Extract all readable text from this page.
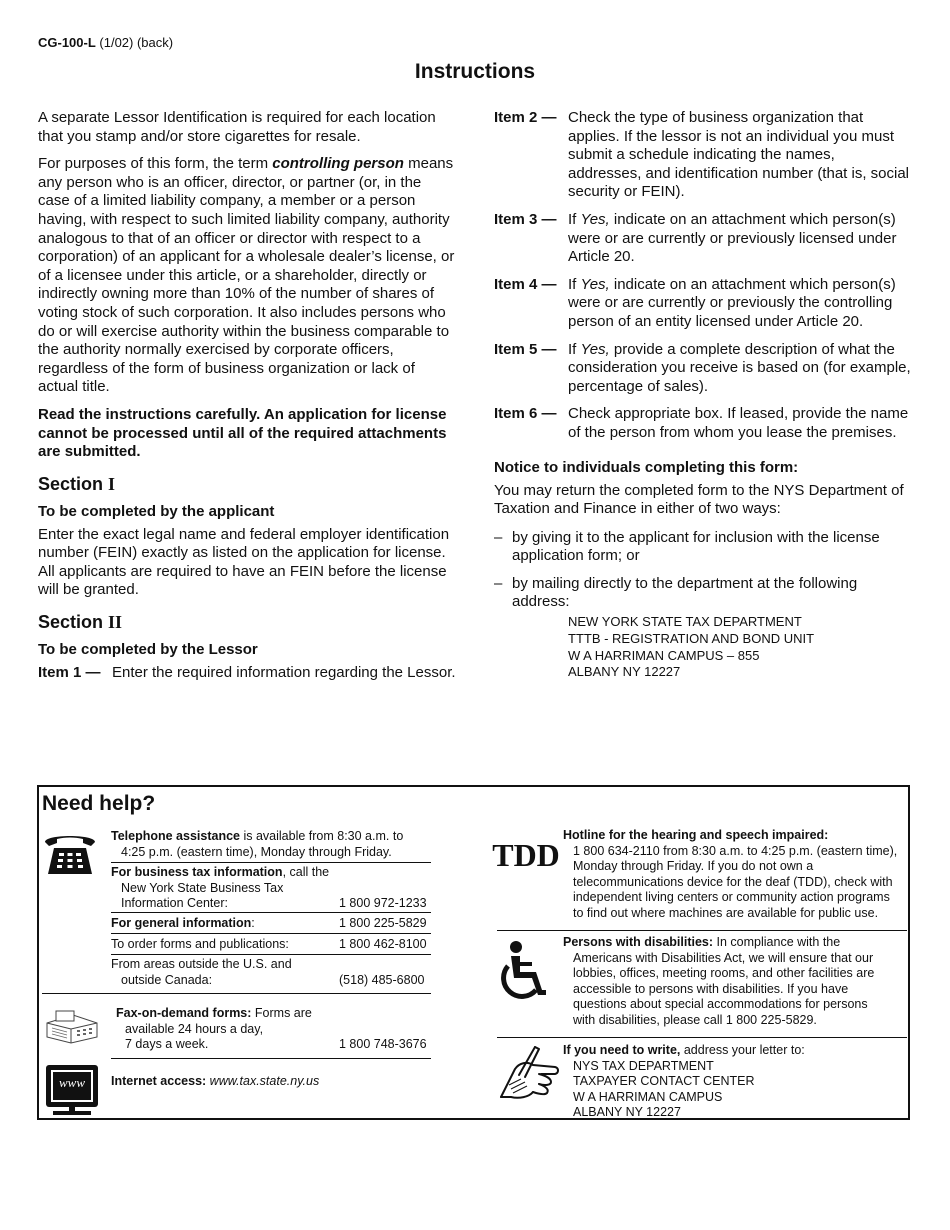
CG-100-L (1/02) (back)
Instructions

A separate Lessor Identification is required for each location that you stamp and/or store cigarettes for resale.

For purposes of this form, the term controlling person means any person who is an officer, director, or partner (or, in the case of a limited liability company, a member or a person having, with respect to such limited liability company, authority analogous to that of an officer or director with respect to a corporation) of an applicant for a wholesale dealer’s license, or of a licensee under this article, or a shareholder, directly or indirectly owning more than 10% of the number of shares of voting stock of such corporation. It also includes persons who do or will exercise authority within the business comparable to the authority normally exercised by corporate officers, regardless of the form of business organization or lack of actual title.

Read the instructions carefully. An application for license cannot be processed until all of the required attachments are submitted.

Section I
To be completed by the applicant

Enter the exact legal name and federal employer identification number (FEIN) exactly as listed on the application for license. All applicants are required to have an FEIN before the license will be granted.

Section II
To be completed by the Lessor
Item 1 — Enter the required information regarding the Lessor.
Item 2 — Check the type of business organization that applies. If the lessor is not an individual you must submit a schedule indicating the names, addresses, and identification number (that is, social security or FEIN).
Item 3 — If Yes, indicate on an attachment which person(s) were or are currently or previously licensed under Article 20.
Item 4 — If Yes, indicate on an attachment which person(s) were or are currently or previously the controlling person of an entity licensed under Article 20.
Item 5 — If Yes, provide a complete description of what the consideration you receive is based on (for example, percentage of sales).
Item 6 — Check appropriate box. If leased, provide the name of the person from whom you lease the premises.
Notice to individuals completing this form:

You may return the completed form to the NYS Department of Taxation and Finance in either of two ways:

– by giving it to the applicant for inclusion with the license application form; or
– by mailing directly to the department at the following address:
NEW YORK STATE TAX DEPARTMENT
TTTB - REGISTRATION AND BOND UNIT
W A HARRIMAN CAMPUS – 855
ALBANY NY 12227
Need help?
Telephone assistance is available from 8:30 a.m. to
4:25 p.m. (eastern time), Monday through Friday.
For business tax information, call the
New York State Business Tax
Information Center:	1 800 972-1233
For general information:	1 800 225-5829
To order forms and publications:	1 800 462-8100
From areas outside the U.S. and
outside Canada:	(518) 485-6800
Fax-on-demand forms: Forms are
available 24 hours a day,
7 days a week.	1 800 748-3676
www	Internet access: www.tax.state.ny.us
TDD
Hotline for the hearing and speech impaired:
1 800 634-2110 from 8:30 a.m. to 4:25 p.m. (eastern time),
Monday through Friday. If you do not own a
telecommunications device for the deaf (TDD), check with
independent living centers or community action programs
to find out where machines are available for public use.
Persons with disabilities: In compliance with the
Americans with Disabilities Act, we will ensure that our
lobbies, offices, meeting rooms, and other facilities are
accessible to persons with disabilities. If you have
questions about special accommodations for persons
with disabilities, please call 1 800 225-5829.
If you need to write, address your letter to:
NYS TAX DEPARTMENT
TAXPAYER CONTACT CENTER
W A HARRIMAN CAMPUS
ALBANY NY 12227
